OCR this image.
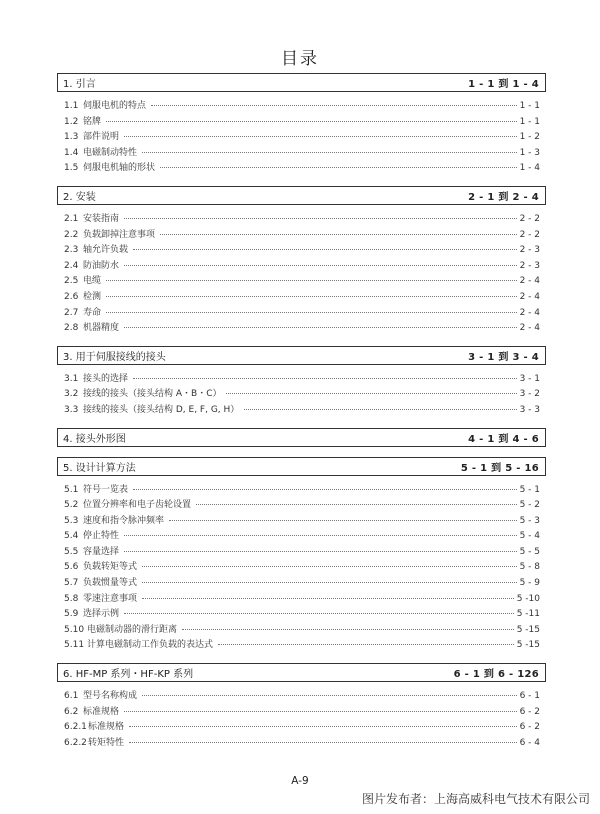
目录
1. 引言	1 - 1 到 1 - 4
1.1 伺服电机的特点	1 - 1
1.2 铭牌	1 - 1
1.3 部件说明	1 - 2
1.4 电磁制动特性	1 - 3
1.5 伺服电机轴的形状	1 - 4
2. 安装	2 - 1 到 2 - 4
2.1 安装指南	2 - 2
2.2 负载卸掉注意事项	2 - 2
2.3 轴允许负载	2 - 3
2.4 防油防水	2 - 3
2.5 电缆	2 - 4
2.6 检测	2 - 4
2.7 寿命	2 - 4
2.8 机器精度	2 - 4
3. 用于伺服接线的接头	3 - 1 到 3 - 4
3.1 接头的选择	3 - 1
3.2 接线的接头（接头结构 A・B・C）	3 - 2
3.3 接线的接头（接头结构 D, E, F, G, H）	3 - 3
4. 接头外形图	4 - 1 到 4 - 6
5. 设计计算方法	5 - 1 到 5 - 16
5.1 符号一览表	5 - 1
5.2 位置分辨率和电子齿轮设置	5 - 2
5.3 速度和指令脉冲频率	5 - 3
5.4 停止特性	5 - 4
5.5 容量选择	5 - 5
5.6 负载转矩等式	5 - 8
5.7 负载惯量等式	5 - 9
5.8 零速注意事项	5 -10
5.9 选择示例	5 -11
5.10 电磁制动器的滑行距离	5 -15
5.11 计算电磁制动工作负载的表达式	5 -15
6. HF-MP 系列・HF-KP 系列	6 - 1 到 6 - 126
6.1 型号名称构成	6 - 1
6.2 标准规格	6 - 2
6.2.1 标准规格	6 - 2
6.2.2 转矩特性	6 - 4
A-9
图片发布者：上海高威科电气技术有限公司
